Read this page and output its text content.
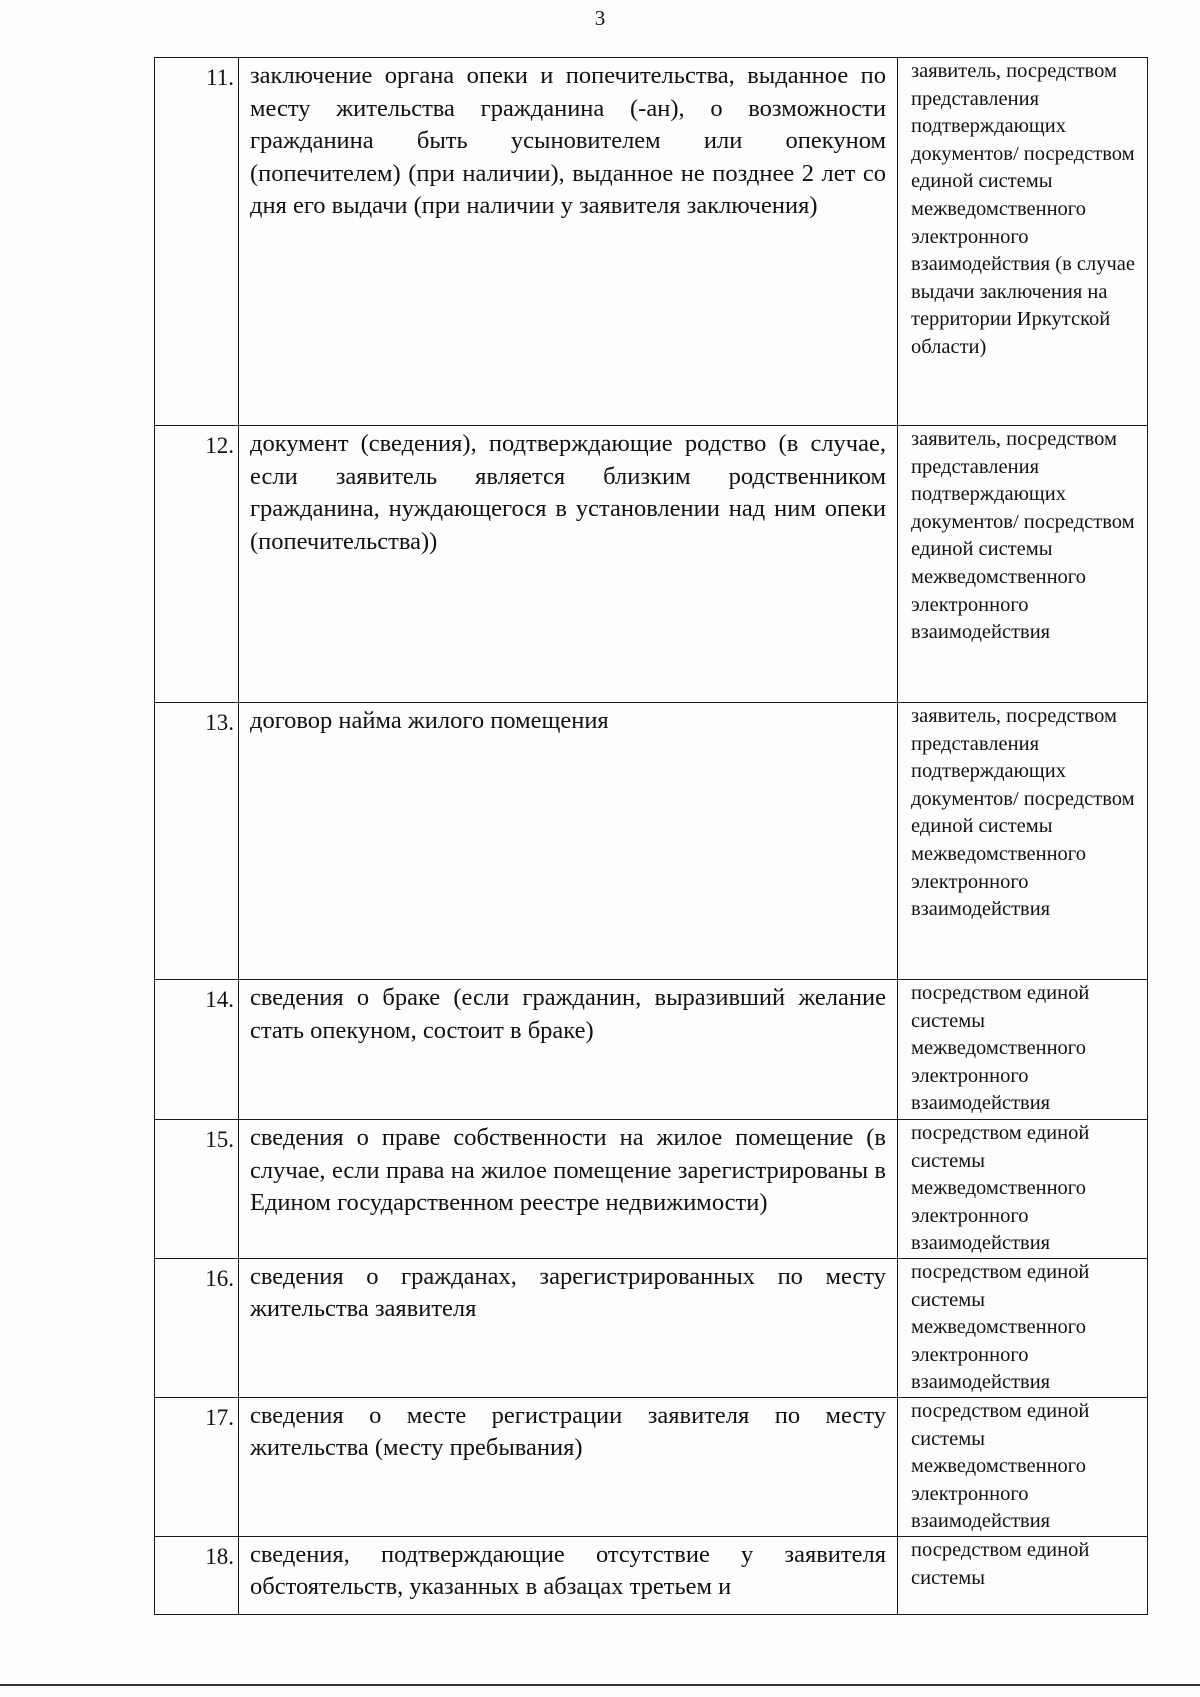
3
11.	заключение органа опеки и попечительства, выданное по месту жительства гражданина (-ан), о возможности гражданина быть усыновителем или опекуном (попечителем) (при наличии), выданное не позднее 2 лет со дня его выдачи (при наличии у заявителя заключения)	заявитель, посредством представления подтверждающих документов/ посредством единой системы межведомственного электронного взаимодействия (в случае выдачи заключения на территории Иркутской области)
12.	документ (сведения), подтверждающие родство (в случае, если заявитель является близким родственником гражданина, нуждающегося в установлении над ним опеки (попечительства))	заявитель, посредством представления подтверждающих документов/ посредством единой системы межведомственного электронного взаимодействия
13.	договор найма жилого помещения	заявитель, посредством представления подтверждающих документов/ посредством единой системы межведомственного электронного взаимодействия
14.	сведения о браке (если гражданин, выразивший желание стать опекуном, состоит в браке)	посредством единой системы межведомственного электронного взаимодействия
15.	сведения о праве собственности на жилое помещение (в случае, если права на жилое помещение зарегистрированы в Едином государственном реестре недвижимости)	посредством единой системы межведомственного электронного взаимодействия
16.	сведения о гражданах, зарегистрированных по месту жительства заявителя	посредством единой системы межведомственного электронного взаимодействия
17.	сведения о месте регистрации заявителя по месту жительства (месту пребывания)	посредством единой системы межведомственного электронного взаимодействия
18.	сведения, подтверждающие отсутствие у заявителя обстоятельств, указанных в абзацах третьем и	посредством единой системы
